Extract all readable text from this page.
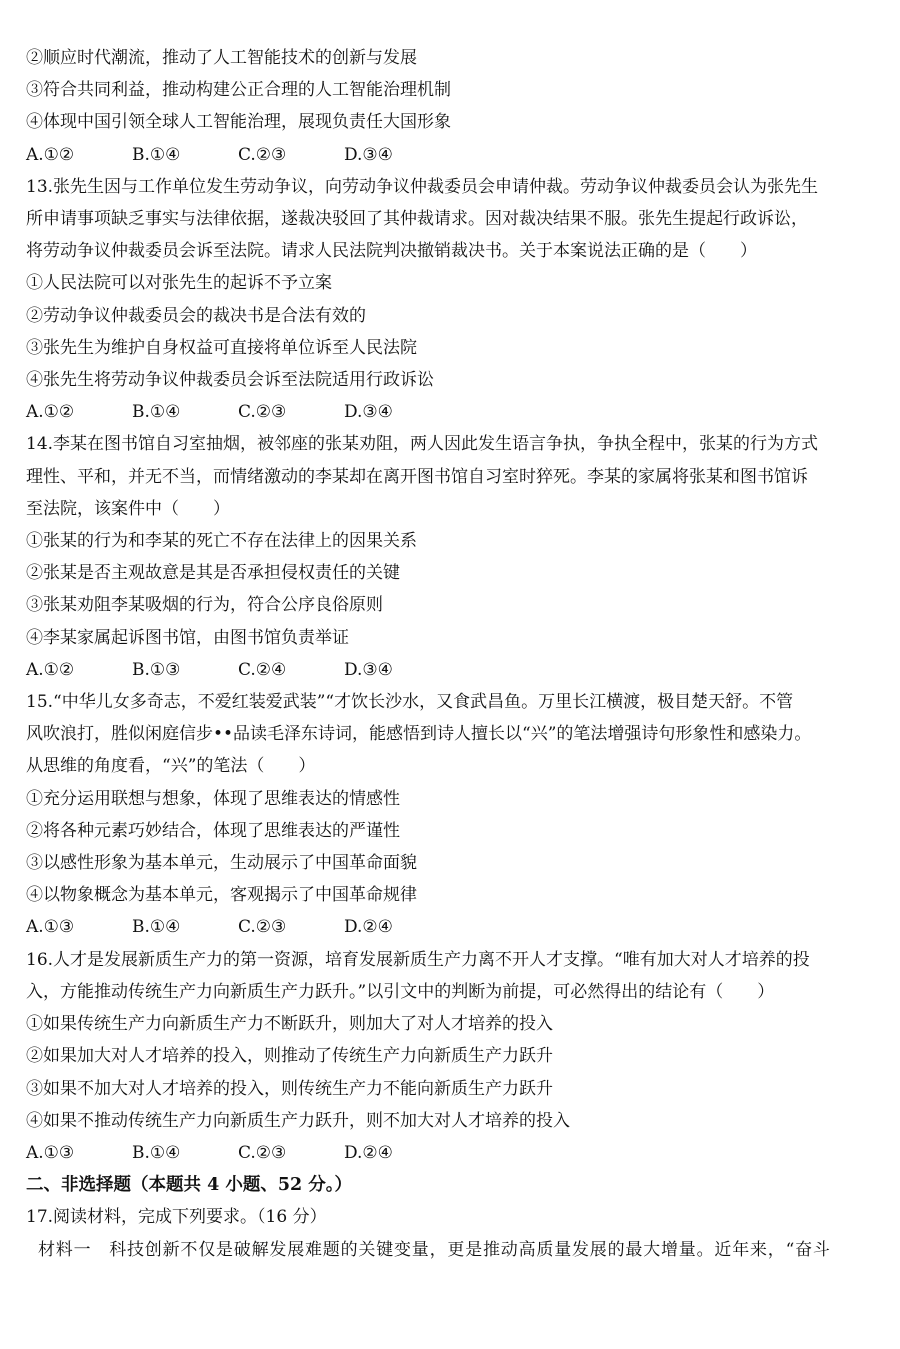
②顺应时代潮流，推动了人工智能技术的创新与发展
③符合共同利益，推动构建公正合理的人工智能治理机制
④体现中国引领全球人工智能治理，展现负责任大国形象
A.①②	B.①④	C.②③	D.③④
13.张先生因与工作单位发生劳动争议，向劳动争议仲裁委员会申请仲裁。劳动争议仲裁委员会认为张先生
所申请事项缺乏事实与法律依据，遂裁决驳回了其仲裁请求。因对裁决结果不服。张先生提起行政诉讼，
将劳动争议仲裁委员会诉至法院。请求人民法院判决撤销裁决书。关于本案说法正确的是（　　）
①人民法院可以对张先生的起诉不予立案
②劳动争议仲裁委员会的裁决书是合法有效的
③张先生为维护自身权益可直接将单位诉至人民法院
④张先生将劳动争议仲裁委员会诉至法院适用行政诉讼
A.①②	B.①④	C.②③	D.③④
14.李某在图书馆自习室抽烟，被邻座的张某劝阻，两人因此发生语言争执，争执全程中，张某的行为方式
理性、平和，并无不当，而情绪激动的李某却在离开图书馆自习室时猝死。李某的家属将张某和图书馆诉
至法院，该案件中（　　）
①张某的行为和李某的死亡不存在法律上的因果关系
②张某是否主观故意是其是否承担侵权责任的关键
③张某劝阻李某吸烟的行为，符合公序良俗原则
④李某家属起诉图书馆，由图书馆负责举证
A.①②	B.①③	C.②④	D.③④
15.“中华儿女多奇志，不爱红装爱武装”“才饮长沙水，又食武昌鱼。万里长江横渡，极目楚天舒。不管
风吹浪打，胜似闲庭信步••品读毛泽东诗词，能感悟到诗人擅长以“兴”的笔法增强诗句形象性和感染力。
从思维的角度看，“兴”的笔法（　　）
①充分运用联想与想象，体现了思维表达的情感性
②将各种元素巧妙结合，体现了思维表达的严谨性
③以感性形象为基本单元，生动展示了中国革命面貌
④以物象概念为基本单元，客观揭示了中国革命规律
A.①③	B.①④	C.②③	D.②④
16.人才是发展新质生产力的第一资源，培育发展新质生产力离不开人才支撑。“唯有加大对人才培养的投
入，方能推动传统生产力向新质生产力跃升。”以引文中的判断为前提，可必然得出的结论有（　　）
①如果传统生产力向新质生产力不断跃升，则加大了对人才培养的投入
②如果加大对人才培养的投入，则推动了传统生产力向新质生产力跃升
③如果不加大对人才培养的投入，则传统生产力不能向新质生产力跃升
④如果不推动传统生产力向新质生产力跃升，则不加大对人才培养的投入
A.①③	B.①④	C.②③	D.②④
二、非选择题（本题共 4 小题、52 分。）
17.阅读材料，完成下列要求。（16 分）
材料一　科技创新不仅是破解发展难题的关键变量，更是推动高质量发展的最大增量。近年来，“奋斗
